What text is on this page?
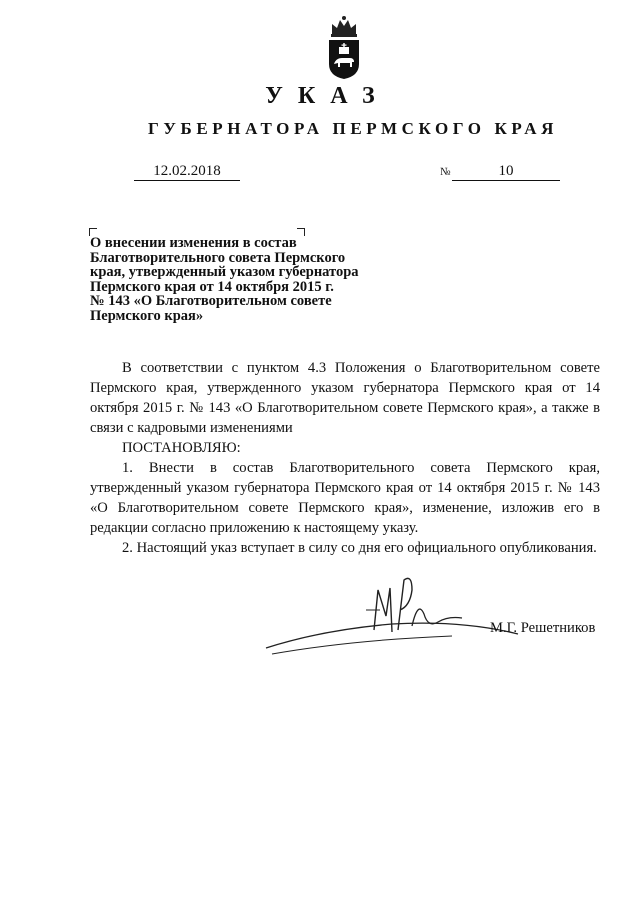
УКАЗ
ГУБЕРНАТОРА ПЕРМСКОГО КРАЯ
12.02.2018	№	10
О внесении изменения в состав
Благотворительного совета Пермского
края, утвержденный указом губернатора
Пермского края от 14 октября 2015 г.
№ 143 «О Благотворительном совете
Пермского края»

В соответствии с пунктом 4.3 Положения о Благотворительном совете Пермского края, утвержденного указом губернатора Пермского края от 14 октября 2015 г. № 143 «О Благотворительном совете Пермского края», а также в связи с кадровыми изменениями

ПОСТАНОВЛЯЮ:

1. Внести в состав Благотворительного совета Пермского края, утвержденный указом губернатора Пермского края от 14 октября 2015 г. № 143 «О Благотворительном совете Пермского края», изменение, изложив его в редакции согласно приложению к настоящему указу.

2. Настоящий указ вступает в силу со дня его официального опубликования.

М.Г. Решетников
